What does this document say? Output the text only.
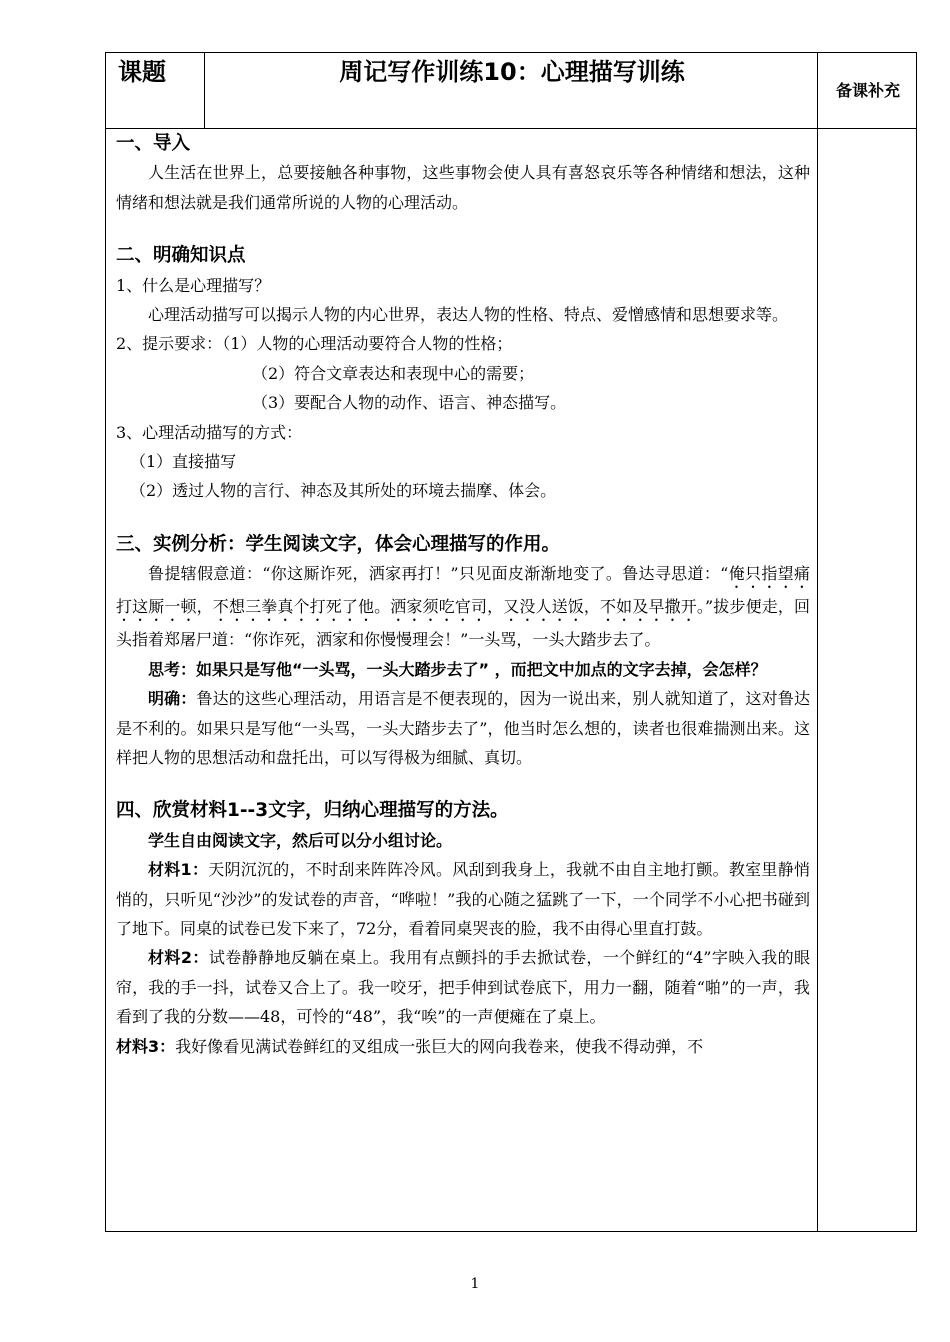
课题	周记写作训练10：心理描写训练
备课补充

一、导入

人生活在世界上，总要接触各种事物，这些事物会使人具有喜怒哀乐等各种情绪和想法，这种情绪和想法就是我们通常所说的人物的心理活动。

二、明确知识点

1、什么是心理描写？

心理活动描写可以揭示人物的内心世界，表达人物的性格、特点、爱憎感情和思想要求等。

2、提示要求：（1）人物的心理活动要符合人物的性格；

（2）符合文章表达和表现中心的需要；

（3）要配合人物的动作、语言、神态描写。

3、心理活动描写的方式：

（1）直接描写

（2）透过人物的言行、神态及其所处的环境去揣摩、体会。

三、实例分析：学生阅读文字，体会心理描写的作用。

鲁提辖假意道：“你这厮诈死，洒家再打！”只见面皮渐渐地变了。鲁达寻思道：“俺只指望痛打这厮一顿，不想三拳真个打死了他。洒家须吃官司，又没人送饭，不如及早撒开。”拔步便走，回头指着郑屠尸道：“你诈死，洒家和你慢慢理会！”一头骂，一头大踏步去了。

思考：如果只是写他“一头骂，一头大踏步去了” ，而把文中加点的文字去掉，会怎样？

明确：鲁达的这些心理活动，用语言是不便表现的，因为一说出来，别人就知道了，这对鲁达是不利的。如果只是写他“一头骂，一头大踏步去了”，他当时怎么想的，读者也很难揣测出来。这样把人物的思想活动和盘托出，可以写得极为细腻、真切。

四、欣赏材料1--3文字，归纳心理描写的方法。

学生自由阅读文字，然后可以分小组讨论。

材料1：天阴沉沉的，不时刮来阵阵冷风。风刮到我身上，我就不由自主地打颤。教室里静悄悄的，只听见“沙沙”的发试卷的声音，“哗啦！”我的心随之猛跳了一下，一个同学不小心把书碰到了地下。同桌的试卷已发下来了，72分，看着同桌哭丧的脸，我不由得心里直打鼓。

材料2：试卷静静地反躺在桌上。我用有点颤抖的手去掀试卷，一个鲜红的“4”字映入我的眼帘，我的手一抖，试卷又合上了。我一咬牙，把手伸到试卷底下，用力一翻，随着“啪”的一声，我看到了我的分数——48，可怜的“48”，我“唉”的一声便瘫在了桌上。

材料3：我好像看见满试卷鲜红的叉组成一张巨大的网向我卷来，使我不得动弹，不

1
